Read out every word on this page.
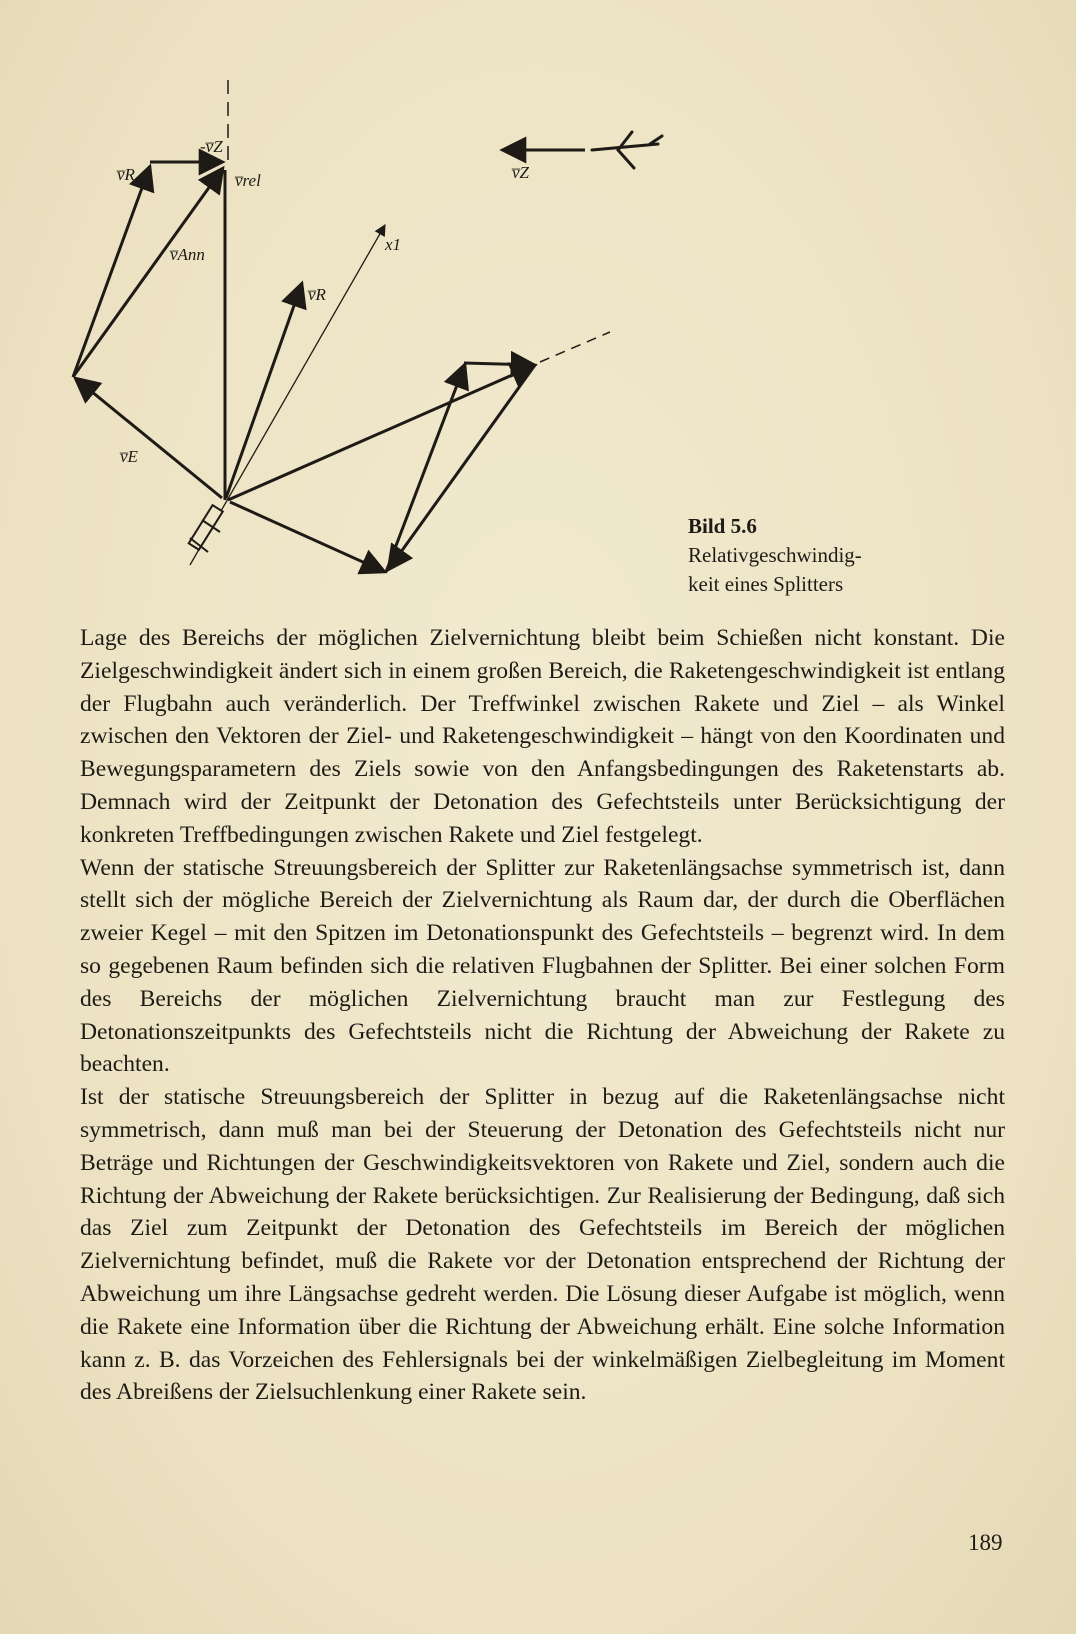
-v̅Z
v̅R	v̅rel
v̅Ann
v̅R
x1
v̅E
v̅Z
Bild 5.6
Relativgeschwindig-
keit eines Splitters

Lage des Bereichs der möglichen Zielvernichtung bleibt beim Schießen nicht konstant. Die Zielgeschwindigkeit ändert sich in einem großen Bereich, die Raketengeschwindigkeit ist entlang der Flugbahn auch veränderlich. Der Treffwinkel zwischen Rakete und Ziel – als Winkel zwischen den Vektoren der Ziel- und Raketengeschwindigkeit – hängt von den Koordinaten und Bewegungsparametern des Ziels sowie von den Anfangsbedingungen des Raketenstarts ab. Demnach wird der Zeitpunkt der Detonation des Gefechtsteils unter Berücksichtigung der konkreten Treffbedingungen zwischen Rakete und Ziel festgelegt.

Wenn der statische Streuungsbereich der Splitter zur Raketenlängsachse symmetrisch ist, dann stellt sich der mögliche Bereich der Zielvernichtung als Raum dar, der durch die Oberflächen zweier Kegel – mit den Spitzen im Detonationspunkt des Gefechtsteils – begrenzt wird. In dem so gegebenen Raum befinden sich die relativen Flugbahnen der Splitter. Bei einer solchen Form des Bereichs der möglichen Zielvernichtung braucht man zur Festlegung des Detonationszeitpunkts des Gefechtsteils nicht die Richtung der Abweichung der Rakete zu beachten.

Ist der statische Streuungsbereich der Splitter in bezug auf die Raketenlängsachse nicht symmetrisch, dann muß man bei der Steuerung der Detonation des Gefechtsteils nicht nur Beträge und Richtungen der Geschwindigkeitsvektoren von Rakete und Ziel, sondern auch die Richtung der Abweichung der Rakete berücksichtigen. Zur Realisierung der Bedingung, daß sich das Ziel zum Zeitpunkt der Detonation des Gefechtsteils im Bereich der möglichen Zielvernichtung befindet, muß die Rakete vor der Detonation entsprechend der Richtung der Abweichung um ihre Längsachse gedreht werden. Die Lösung dieser Aufgabe ist möglich, wenn die Rakete eine Information über die Richtung der Abweichung erhält. Eine solche Information kann z. B. das Vorzeichen des Fehlersignals bei der winkelmäßigen Zielbegleitung im Moment des Abreißens der Zielsuchlenkung einer Rakete sein.

189
